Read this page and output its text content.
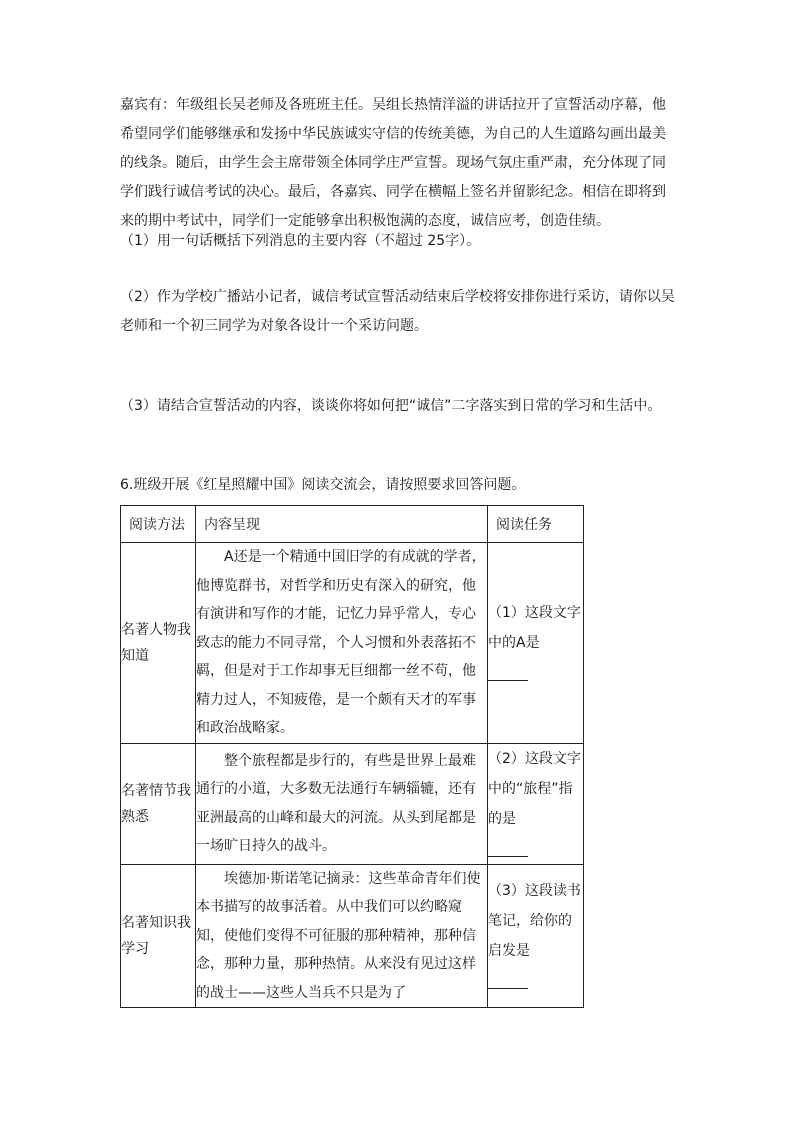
嘉宾有：年级组长吴老师及各班班主任。吴组长热情洋溢的讲话拉开了宣誓活动序幕，他希望同学们能够继承和发扬中华民族诚实守信的传统美德，为自己的人生道路勾画出最美的线条。随后，由学生会主席带领全体同学庄严宣誓。现场气氛庄重严肃，充分体现了同学们践行诚信考试的决心。最后，各嘉宾、同学在横幅上签名并留影纪念。相信在即将到来的期中考试中，同学们一定能够拿出积极饱满的态度，诚信应考，创造佳绩。

（1）用一句话概括下列消息的主要内容（不超过 25字）。

（2）作为学校广播站小记者，诚信考试宣誓活动结束后学校将安排你进行采访，请你以吴老师和一个初三同学为对象各设计一个采访问题。

（3）请结合宣誓活动的内容，谈谈你将如何把“诚信”二字落实到日常的学习和生活中。

6.班级开展《红星照耀中国》阅读交流会，请按照要求回答问题。

阅读方法	内容呈现	阅读任务
名著人物我知道	A还是一个精通中国旧学的有成就的学者，他博览群书，对哲学和历史有深入的研究，他有演讲和写作的才能，记忆力异乎常人，专心致志的能力不同寻常，个人习惯和外表落拓不羁，但是对于工作却事无巨细都一丝不苟，他精力过人，不知疲倦，是一个颇有天才的军事和政治战略家。	（1）这段文字中的A是

名著情节我熟悉	整个旅程都是步行的，有些是世界上最难通行的小道，大多数无法通行车辆辎辘，还有亚洲最高的山峰和最大的河流。从头到尾都是一场旷日持久的战斗。	（2）这段文字中的“旅程”指的是

名著知识我学习	埃德加·斯诺笔记摘录：这些革命青年们使本书描写的故事活着。从中我们可以约略窥知，使他们变得不可征服的那种精神，那种信念，那种力量，那种热情。从来没有见过这样的战士——这些人当兵不只是为了	（3）这段读书笔记，给你的启发是
